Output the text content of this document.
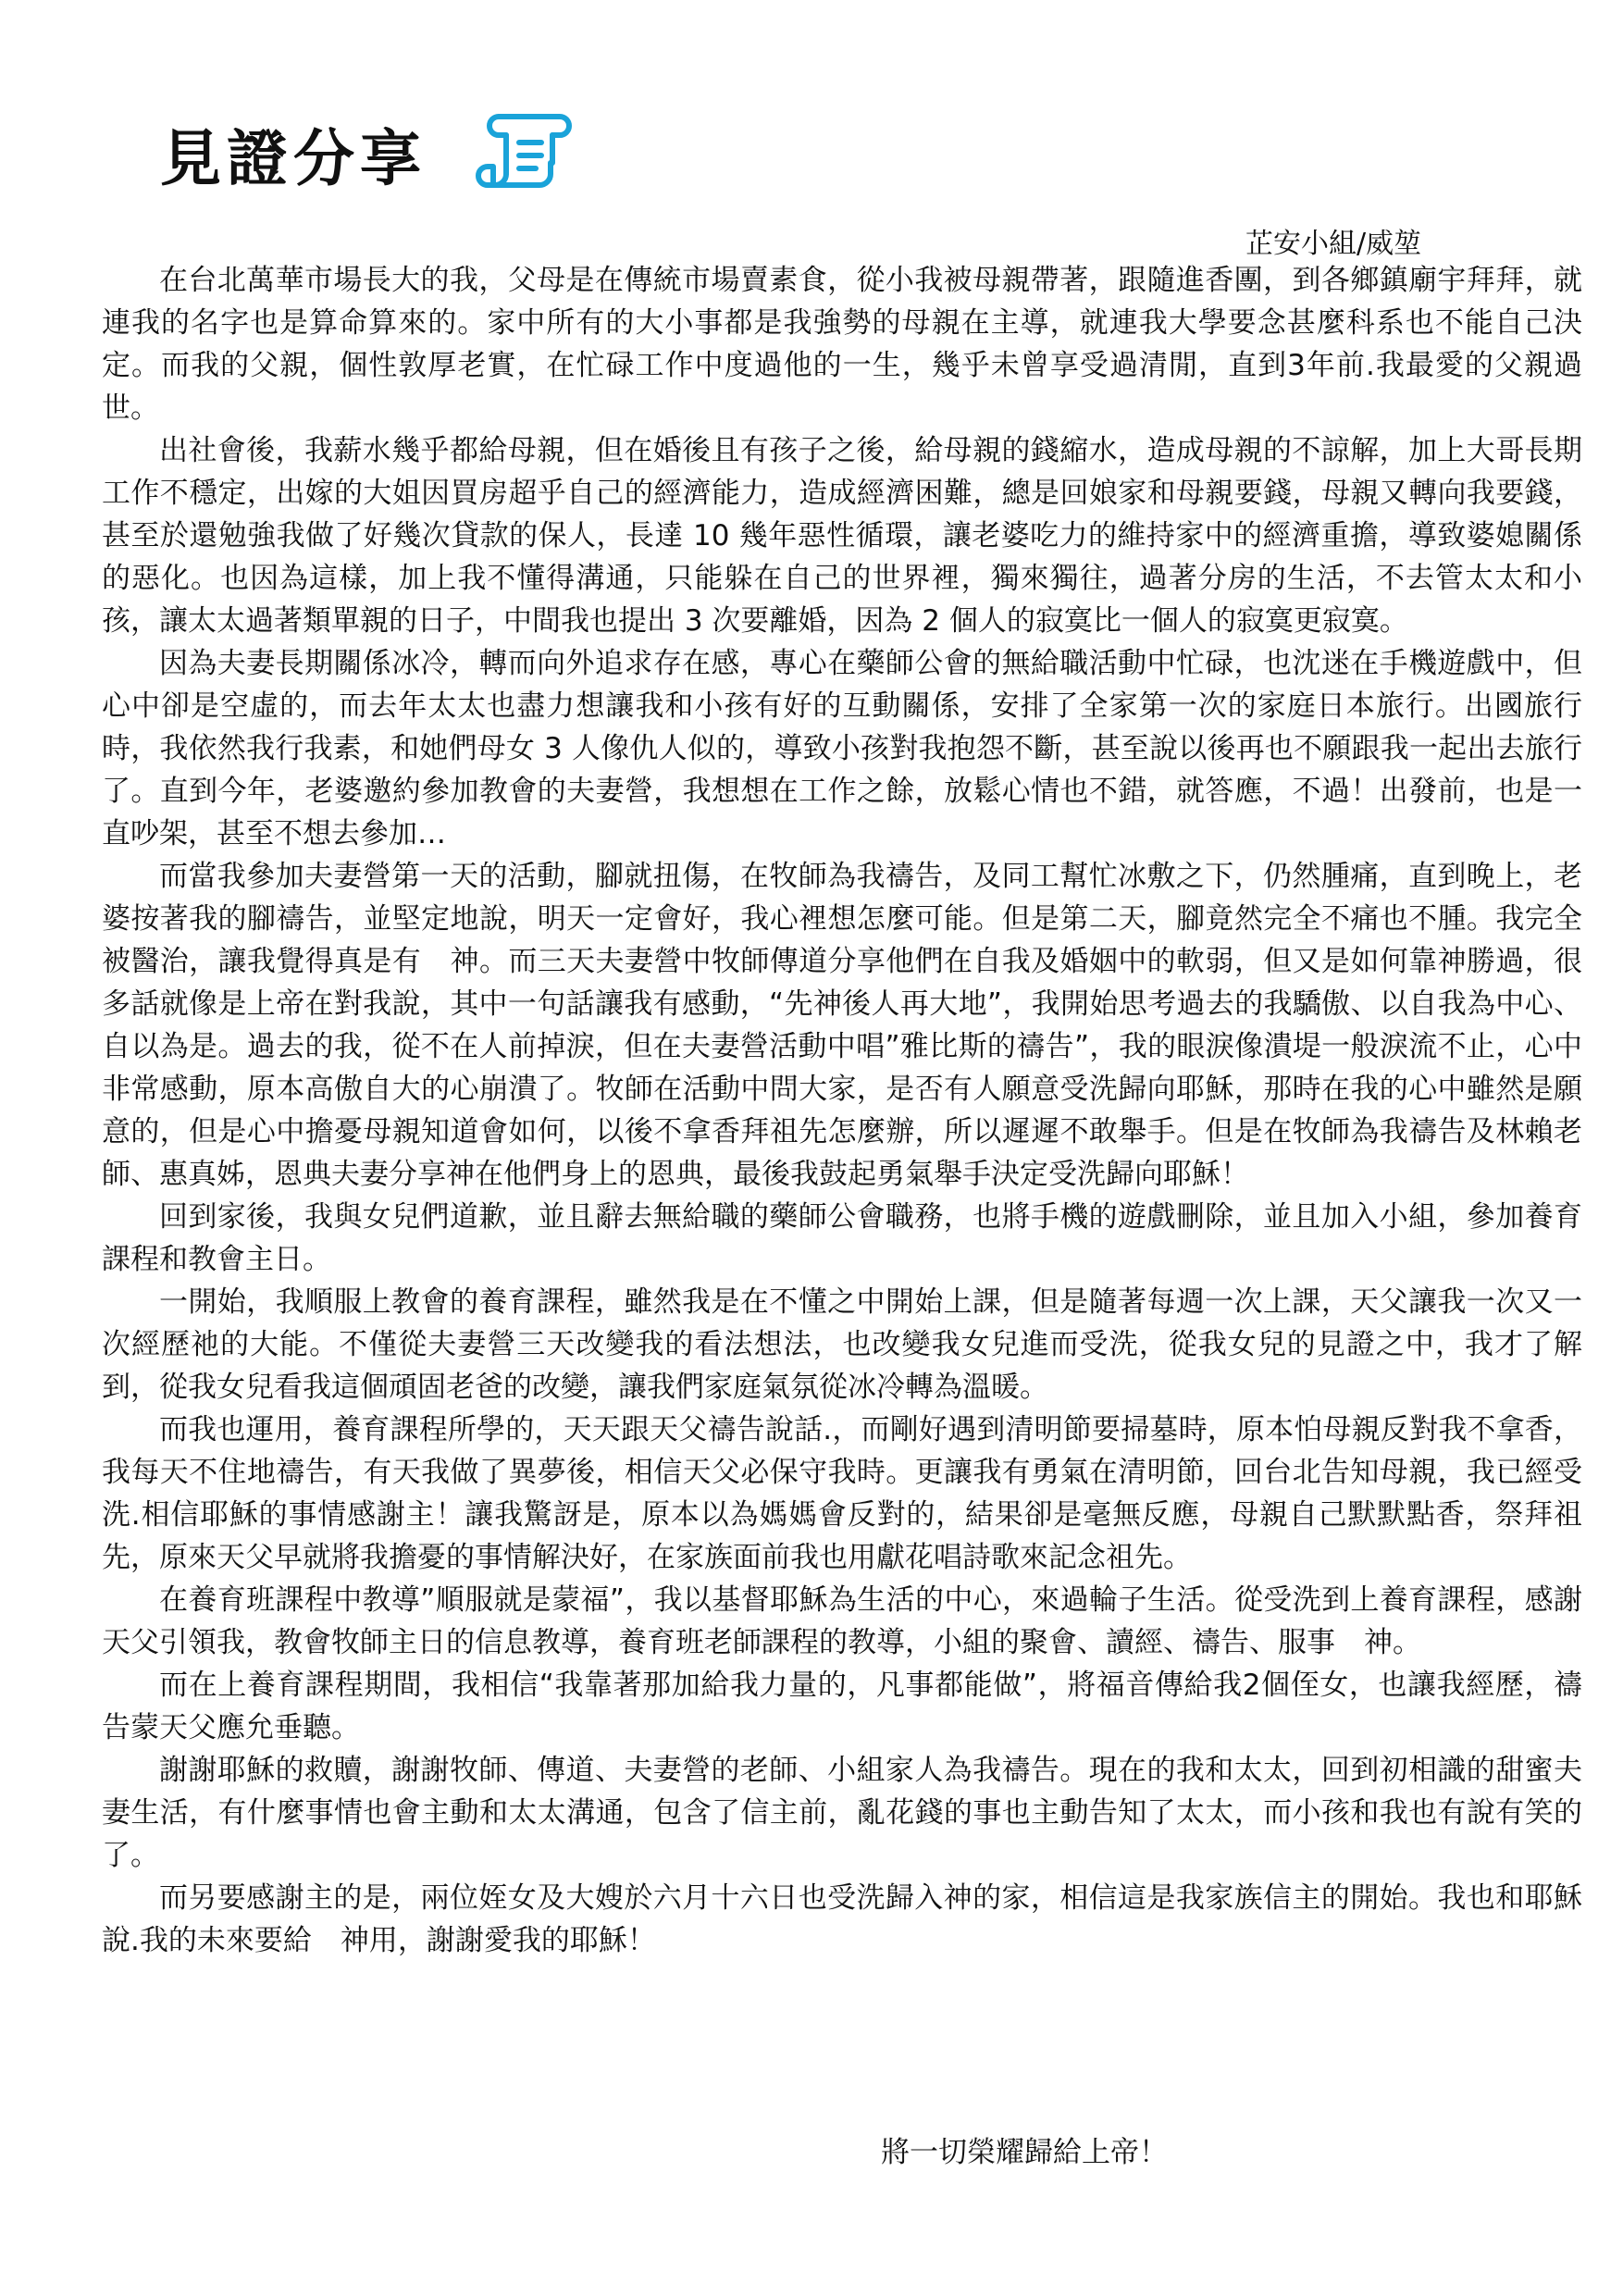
見證分享
芷安小組/威堃

在台北萬華市場長大的我，父母是在傳統市場賣素食，從小我被母親帶著，跟隨進香團，到各鄉鎮廟宇拜拜，就連我的名字也是算命算來的。家中所有的大小事都是我強勢的母親在主導，就連我大學要念甚麼科系也不能自己決定。而我的父親，個性敦厚老實，在忙碌工作中度過他的一生，幾乎未曾享受過清閒，直到3年前.我最愛的父親過世。

出社會後，我薪水幾乎都給母親，但在婚後且有孩子之後，給母親的錢縮水，造成母親的不諒解，加上大哥長期工作不穩定，出嫁的大姐因買房超乎自己的經濟能力，造成經濟困難，總是回娘家和母親要錢，母親又轉向我要錢，甚至於還勉強我做了好幾次貸款的保人，長達 10 幾年惡性循環，讓老婆吃力的維持家中的經濟重擔，導致婆媳關係的惡化。也因為這樣，加上我不懂得溝通，只能躲在自己的世界裡，獨來獨往，過著分房的生活，不去管太太和小孩，讓太太過著類單親的日子，中間我也提出 3 次要離婚，因為 2 個人的寂寞比一個人的寂寞更寂寞。

因為夫妻長期關係冰冷，轉而向外追求存在感，專心在藥師公會的無給職活動中忙碌，也沈迷在手機遊戲中，但心中卻是空虛的，而去年太太也盡力想讓我和小孩有好的互動關係，安排了全家第一次的家庭日本旅行。出國旅行時，我依然我行我素，和她們母女 3 人像仇人似的，導致小孩對我抱怨不斷，甚至說以後再也不願跟我一起出去旅行了。直到今年，老婆邀約參加教會的夫妻營，我想想在工作之餘，放鬆心情也不錯，就答應，不過！出發前，也是一直吵架，甚至不想去參加…

而當我參加夫妻營第一天的活動，腳就扭傷，在牧師為我禱告，及同工幫忙冰敷之下，仍然腫痛，直到晚上，老婆按著我的腳禱告，並堅定地說，明天一定會好，我心裡想怎麼可能。但是第二天，腳竟然完全不痛也不腫。我完全被醫治，讓我覺得真是有　神。而三天夫妻營中牧師傳道分享他們在自我及婚姻中的軟弱，但又是如何靠神勝過，很多話就像是上帝在對我說，其中一句話讓我有感動，“先神後人再大地”，我開始思考過去的我驕傲、以自我為中心、自以為是。過去的我，從不在人前掉淚，但在夫妻營活動中唱”雅比斯的禱告”，我的眼淚像潰堤一般淚流不止，心中非常感動，原本高傲自大的心崩潰了。牧師在活動中問大家，是否有人願意受洗歸向耶穌，那時在我的心中雖然是願意的，但是心中擔憂母親知道會如何，以後不拿香拜祖先怎麼辦，所以遲遲不敢舉手。但是在牧師為我禱告及林賴老師、惠真姊，恩典夫妻分享神在他們身上的恩典，最後我鼓起勇氣舉手決定受洗歸向耶穌！

回到家後，我與女兒們道歉，並且辭去無給職的藥師公會職務，也將手機的遊戲刪除，並且加入小組，參加養育課程和教會主日。

一開始，我順服上教會的養育課程，雖然我是在不懂之中開始上課，但是隨著每週一次上課，天父讓我一次又一次經歷祂的大能。不僅從夫妻營三天改變我的看法想法，也改變我女兒進而受洗，從我女兒的見證之中，我才了解到，從我女兒看我這個頑固老爸的改變，讓我們家庭氣氛從冰冷轉為溫暖。

而我也運用，養育課程所學的，天天跟天父禱告說話.，而剛好遇到清明節要掃墓時，原本怕母親反對我不拿香，我每天不住地禱告，有天我做了異夢後，相信天父必保守我時。更讓我有勇氣在清明節，回台北告知母親，我已經受洗.相信耶穌的事情感謝主！讓我驚訝是，原本以為媽媽會反對的，結果卻是毫無反應，母親自己默默點香，祭拜祖先，原來天父早就將我擔憂的事情解決好，在家族面前我也用獻花唱詩歌來記念祖先。

在養育班課程中教導”順服就是蒙福”，我以基督耶穌為生活的中心，來過輪子生活。從受洗到上養育課程，感謝天父引領我，教會牧師主日的信息教導，養育班老師課程的教導，小組的聚會、讀經、禱告、服事　神。

而在上養育課程期間，我相信“我靠著那加給我力量的，凡事都能做”，將福音傳給我2個侄女，也讓我經歷，禱告蒙天父應允垂聽。

謝謝耶穌的救贖，謝謝牧師、傳道、夫妻營的老師、小組家人為我禱告。現在的我和太太，回到初相識的甜蜜夫妻生活，有什麼事情也會主動和太太溝通，包含了信主前，亂花錢的事也主動告知了太太，而小孩和我也有說有笑的了。

而另要感謝主的是，兩位姪女及大嫂於六月十六日也受洗歸入神的家，相信這是我家族信主的開始。我也和耶穌說.我的未來要給　神用，謝謝愛我的耶穌！

將一切榮耀歸給上帝！
